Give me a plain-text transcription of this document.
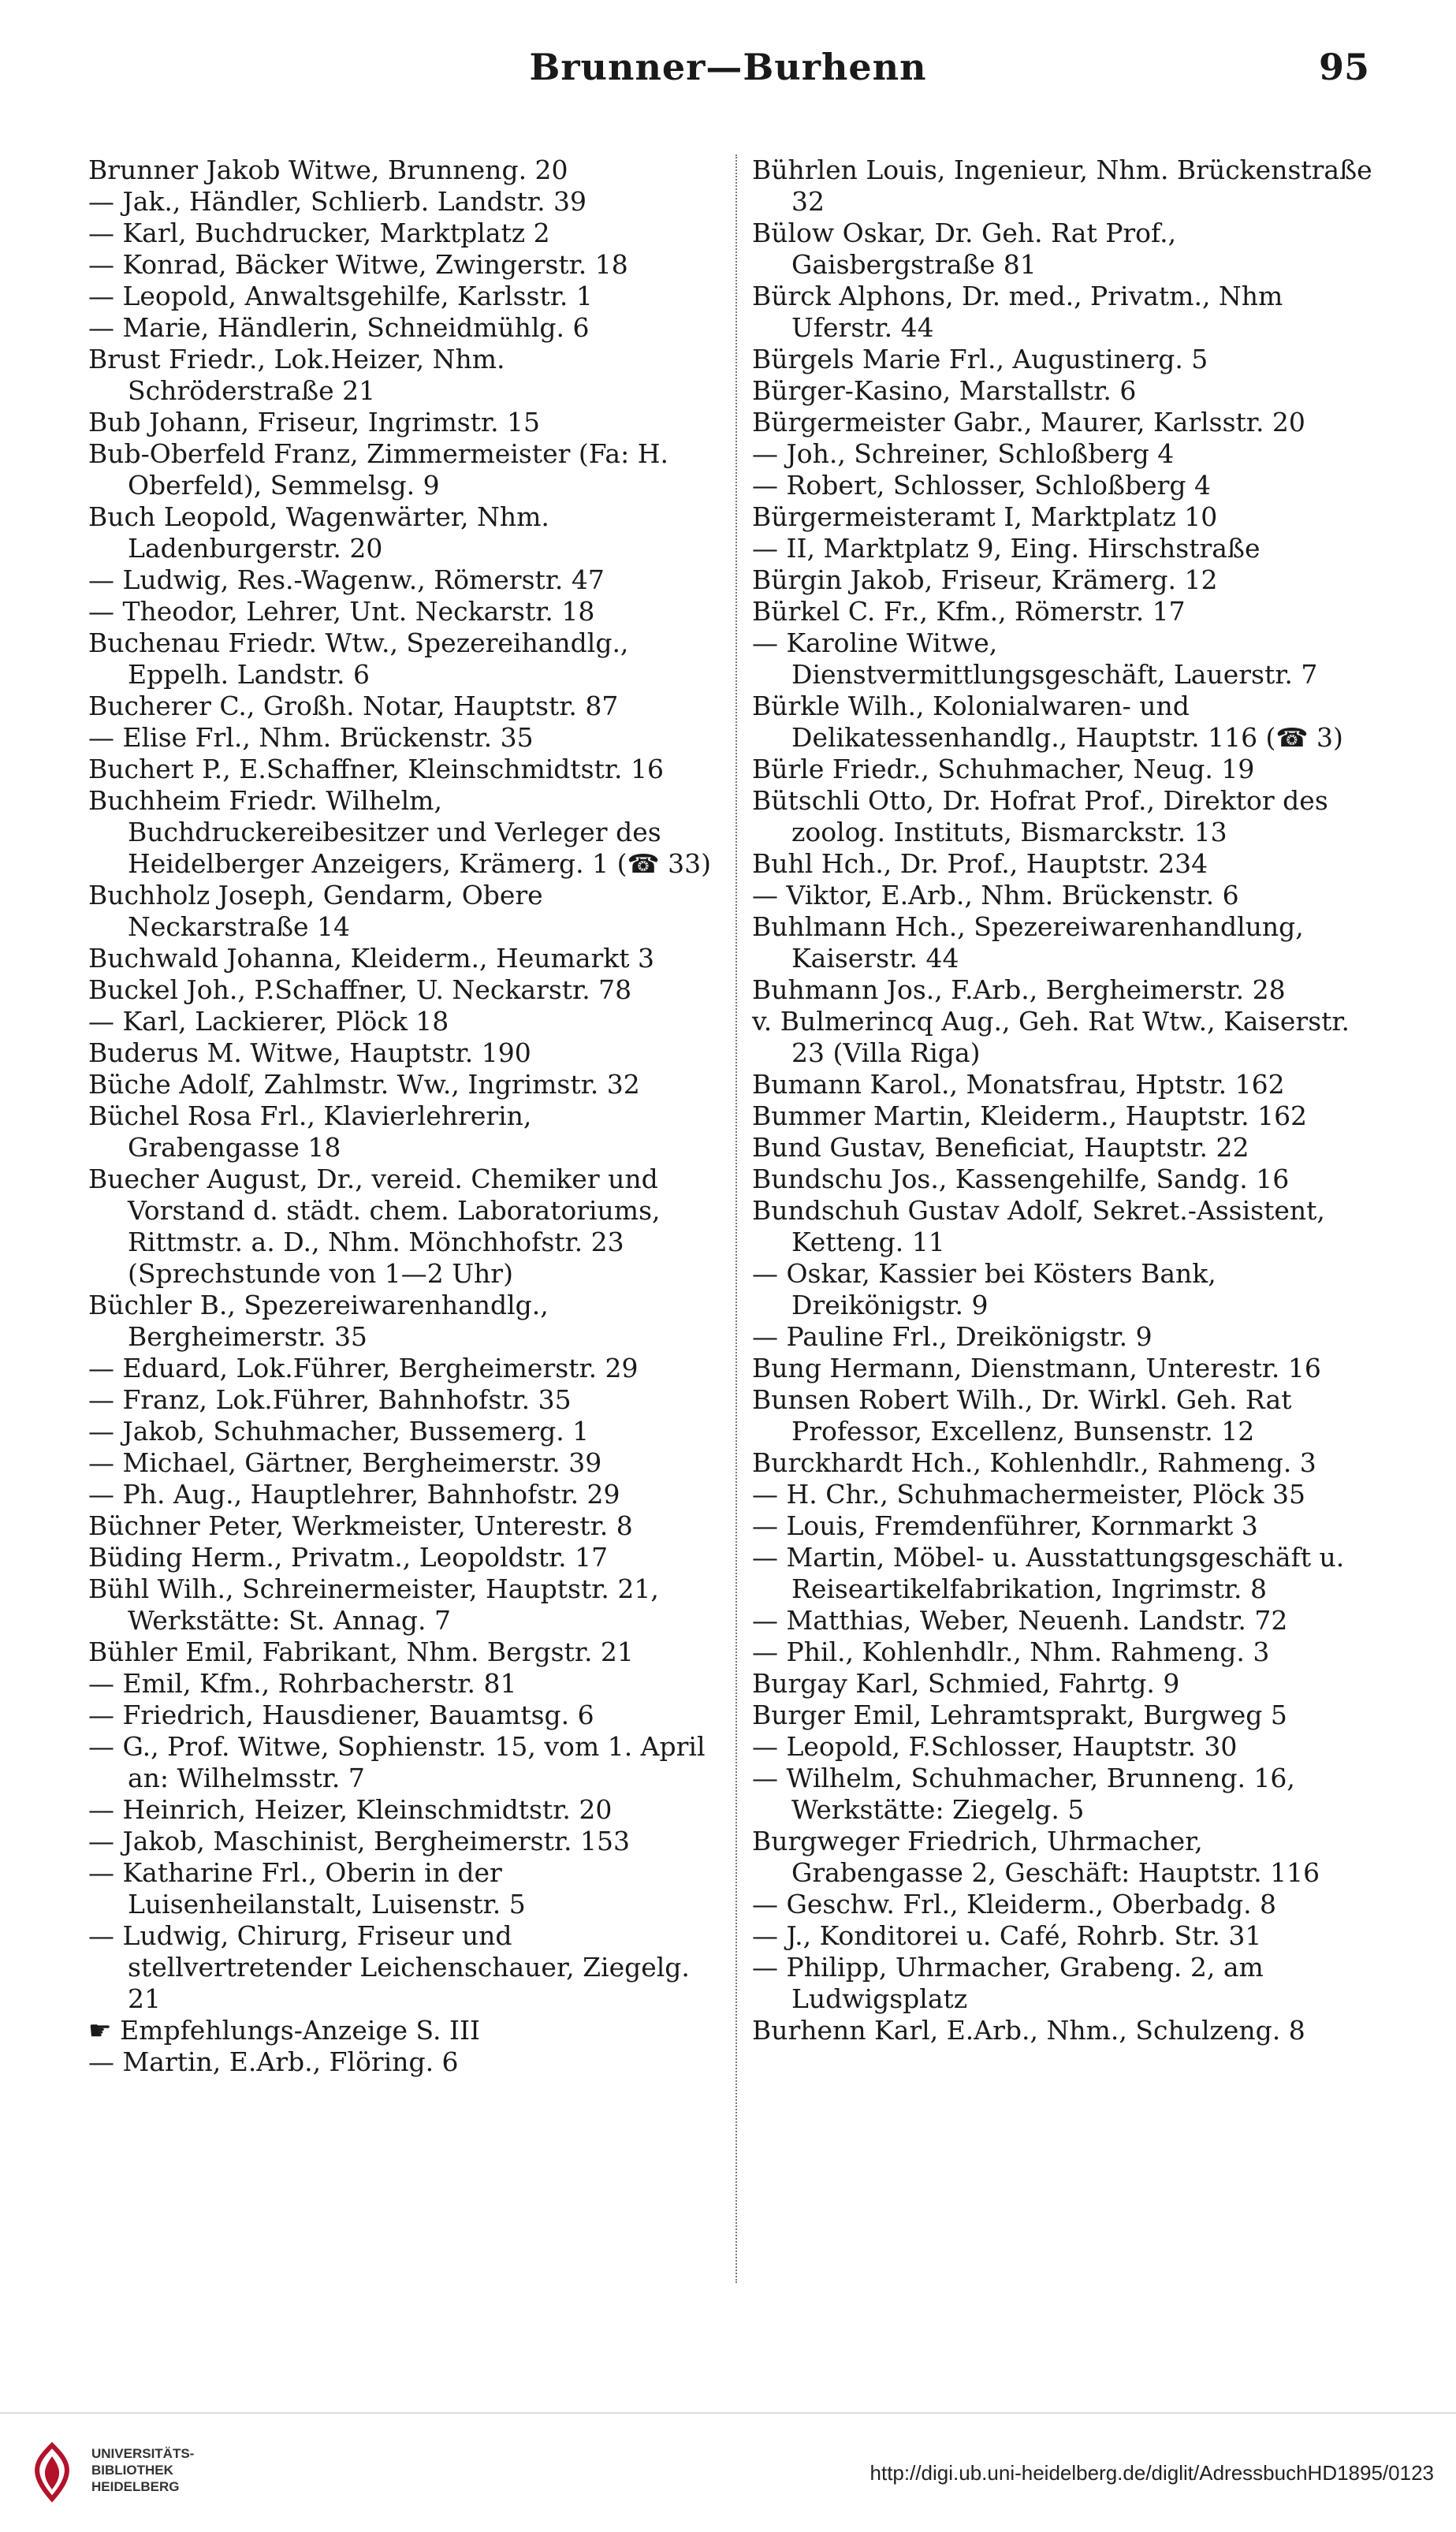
Brunner—Burhenn	95
Brunner Jakob Witwe, Brunneng. 20
— Jak., Händler, Schlierb. Landstr. 39
— Karl, Buchdrucker, Marktplatz 2
— Konrad, Bäcker Witwe, Zwingerstr. 18
— Leopold, Anwaltsgehilfe, Karlsstr. 1
— Marie, Händlerin, Schneidmühlg. 6
Brust Friedr., Lok.Heizer, Nhm. Schröderstraße 21
Bub Johann, Friseur, Ingrimstr. 15
Bub-Oberfeld Franz, Zimmermeister (Fa: H. Oberfeld), Semmelsg. 9
Buch Leopold, Wagenwärter, Nhm. Ladenburgerstr. 20
— Ludwig, Res.-Wagenw., Römerstr. 47
— Theodor, Lehrer, Unt. Neckarstr. 18
Buchenau Friedr. Wtw., Spezereihandlg., Eppelh. Landstr. 6
Bucherer C., Großh. Notar, Hauptstr. 87
— Elise Frl., Nhm. Brückenstr. 35
Buchert P., E.Schaffner, Kleinschmidtstr. 16
Buchheim Friedr. Wilhelm, Buchdruckereibesitzer und Verleger des Heidelberger Anzeigers, Krämerg. 1 (☎ 33)
Buchholz Joseph, Gendarm, Obere Neckarstraße 14
Buchwald Johanna, Kleiderm., Heumarkt 3
Buckel Joh., P.Schaffner, U. Neckarstr. 78
— Karl, Lackierer, Plöck 18
Buderus M. Witwe, Hauptstr. 190
Büche Adolf, Zahlmstr. Ww., Ingrimstr. 32
Büchel Rosa Frl., Klavierlehrerin, Grabengasse 18
Buecher August, Dr., vereid. Chemiker und Vorstand d. städt. chem. Laboratoriums, Rittmstr. a. D., Nhm. Mönchhofstr. 23 (Sprechstunde von 1—2 Uhr)
Büchler B., Spezereiwarenhandlg., Bergheimerstr. 35
— Eduard, Lok.Führer, Bergheimerstr. 29
— Franz, Lok.Führer, Bahnhofstr. 35
— Jakob, Schuhmacher, Bussemerg. 1
— Michael, Gärtner, Bergheimerstr. 39
— Ph. Aug., Hauptlehrer, Bahnhofstr. 29
Büchner Peter, Werkmeister, Unterestr. 8
Büding Herm., Privatm., Leopoldstr. 17
Bühl Wilh., Schreinermeister, Hauptstr. 21, Werkstätte: St. Annag. 7
Bühler Emil, Fabrikant, Nhm. Bergstr. 21
— Emil, Kfm., Rohrbacherstr. 81
— Friedrich, Hausdiener, Bauamtsg. 6
— G., Prof. Witwe, Sophienstr. 15, vom 1. April an: Wilhelmsstr. 7
— Heinrich, Heizer, Kleinschmidtstr. 20
— Jakob, Maschinist, Bergheimerstr. 153
— Katharine Frl., Oberin in der Luisenheilanstalt, Luisenstr. 5
— Ludwig, Chirurg, Friseur und stellvertretender Leichenschauer, Ziegelg. 21
☛ Empfehlungs-Anzeige S. III
— Martin, E.Arb., Flöring. 6
Bührlen Louis, Ingenieur, Nhm. Brückenstraße 32
Bülow Oskar, Dr. Geh. Rat Prof., Gaisbergstraße 81
Bürck Alphons, Dr. med., Privatm., Nhm Uferstr. 44
Bürgels Marie Frl., Augustinerg. 5
Bürger-Kasino, Marstallstr. 6
Bürgermeister Gabr., Maurer, Karlsstr. 20
— Joh., Schreiner, Schloßberg 4
— Robert, Schlosser, Schloßberg 4
Bürgermeisteramt I, Marktplatz 10
— II, Marktplatz 9, Eing. Hirschstraße
Bürgin Jakob, Friseur, Krämerg. 12
Bürkel C. Fr., Kfm., Römerstr. 17
— Karoline Witwe, Dienstvermittlungsgeschäft, Lauerstr. 7
Bürkle Wilh., Kolonialwaren- und Delikatessenhandlg., Hauptstr. 116 (☎ 3)
Bürle Friedr., Schuhmacher, Neug. 19
Bütschli Otto, Dr. Hofrat Prof., Direktor des zoolog. Instituts, Bismarckstr. 13
Buhl Hch., Dr. Prof., Hauptstr. 234
— Viktor, E.Arb., Nhm. Brückenstr. 6
Buhlmann Hch., Spezereiwarenhandlung, Kaiserstr. 44
Buhmann Jos., F.Arb., Bergheimerstr. 28
v. Bulmerincq Aug., Geh. Rat Wtw., Kaiserstr. 23 (Villa Riga)
Bumann Karol., Monatsfrau, Hptstr. 162
Bummer Martin, Kleiderm., Hauptstr. 162
Bund Gustav, Beneficiat, Hauptstr. 22
Bundschu Jos., Kassengehilfe, Sandg. 16
Bundschuh Gustav Adolf, Sekret.-Assistent, Ketteng. 11
— Oskar, Kassier bei Kösters Bank, Dreikönigstr. 9
— Pauline Frl., Dreikönigstr. 9
Bung Hermann, Dienstmann, Unterestr. 16
Bunsen Robert Wilh., Dr. Wirkl. Geh. Rat Professor, Excellenz, Bunsenstr. 12
Burckhardt Hch., Kohlenhdlr., Rahmeng. 3
— H. Chr., Schuhmachermeister, Plöck 35
— Louis, Fremdenführer, Kornmarkt 3
— Martin, Möbel- u. Ausstattungsgeschäft u. Reiseartikelfabrikation, Ingrimstr. 8
— Matthias, Weber, Neuenh. Landstr. 72
— Phil., Kohlenhdlr., Nhm. Rahmeng. 3
Burgay Karl, Schmied, Fahrtg. 9
Burger Emil, Lehramtsprakt, Burgweg 5
— Leopold, F.Schlosser, Hauptstr. 30
— Wilhelm, Schuhmacher, Brunneng. 16, Werkstätte: Ziegelg. 5
Burgweger Friedrich, Uhrmacher, Grabengasse 2, Geschäft: Hauptstr. 116
— Geschw. Frl., Kleiderm., Oberbadg. 8
— J., Konditorei u. Café, Rohrb. Str. 31
— Philipp, Uhrmacher, Grabeng. 2, am Ludwigsplatz
Burhenn Karl, E.Arb., Nhm., Schulzeng. 8
UNIVERSITÄTS-
BIBLIOTHEK
HEIDELBERG
http://digi.ub.uni-heidelberg.de/diglit/AdressbuchHD1895/0123
